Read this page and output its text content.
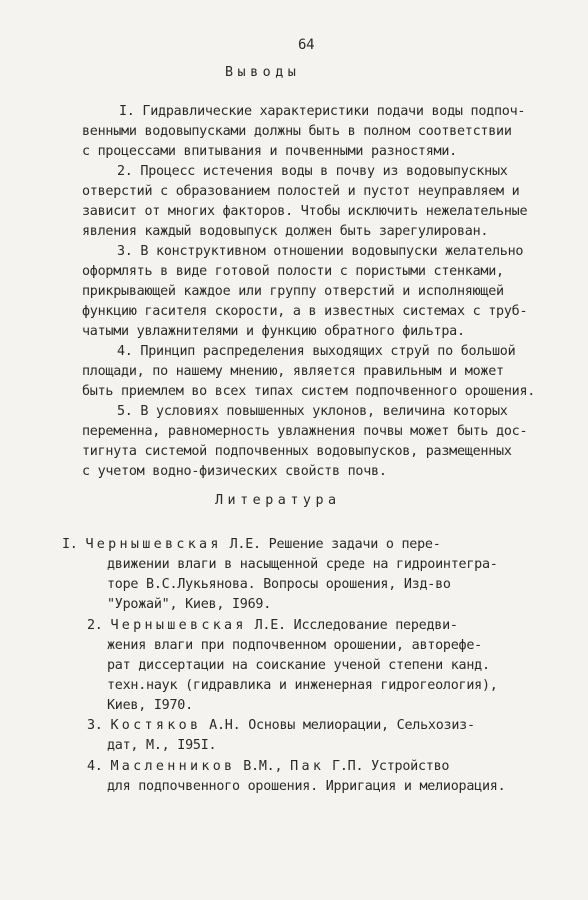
64
Выводы
I. Гидравлические характеристики подачи воды подпоч-
венными водовыпусками должны быть в полном соответствии
с процессами впитывания и почвенными разностями.
2. Процесс истечения воды в почву из водовыпускных
отверстий с образованием полостей и пустот неуправляем и
зависит от многих факторов. Чтобы исключить нежелательные
явления каждый водовыпуск должен быть зарегулирован.
3. В конструктивном отношении водовыпуски желательно
оформлять в виде готовой полости с пористыми стенками,
прикрывающей каждое или группу отверстий и исполняющей
функцию гасителя скорости, а в известных системах с труб-
чатыми увлажнителями и функцию обратного фильтра.
4. Принцип распределения выходящих струй по большой
площади, по нашему мнению, является правильным и может
быть приемлем во всех типах систем подпочвенного орошения.
5. В условиях повышенных уклонов, величина которых
переменна, равномерность увлажнения почвы может быть дос-
тигнута системой подпочвенных водовыпусков, размещенных
с учетом водно-физических свойств почв.
Литература
I. Чернышевская Л.Е. Решение задачи о пере-
движении влаги в насыщенной среде на гидроинтегра-
торе В.С.Лукьянова. Вопросы орошения, Изд-во
"Урожай", Киев, I969.
2. Чернышевская Л.Е. Исследование передви-
жения влаги при подпочвенном орошении, авторефе-
рат диссертации на соискание ученой степени канд.
техн.наук (гидравлика и инженерная гидрогеология),
Киев, I970.
3. Костяков А.Н. Основы мелиорации, Сельхозиз-
дат, М., I95I.
4. Масленников В.М., Пак Г.П. Устройство
для подпочвенного орошения. Ирригация и мелиорация.
